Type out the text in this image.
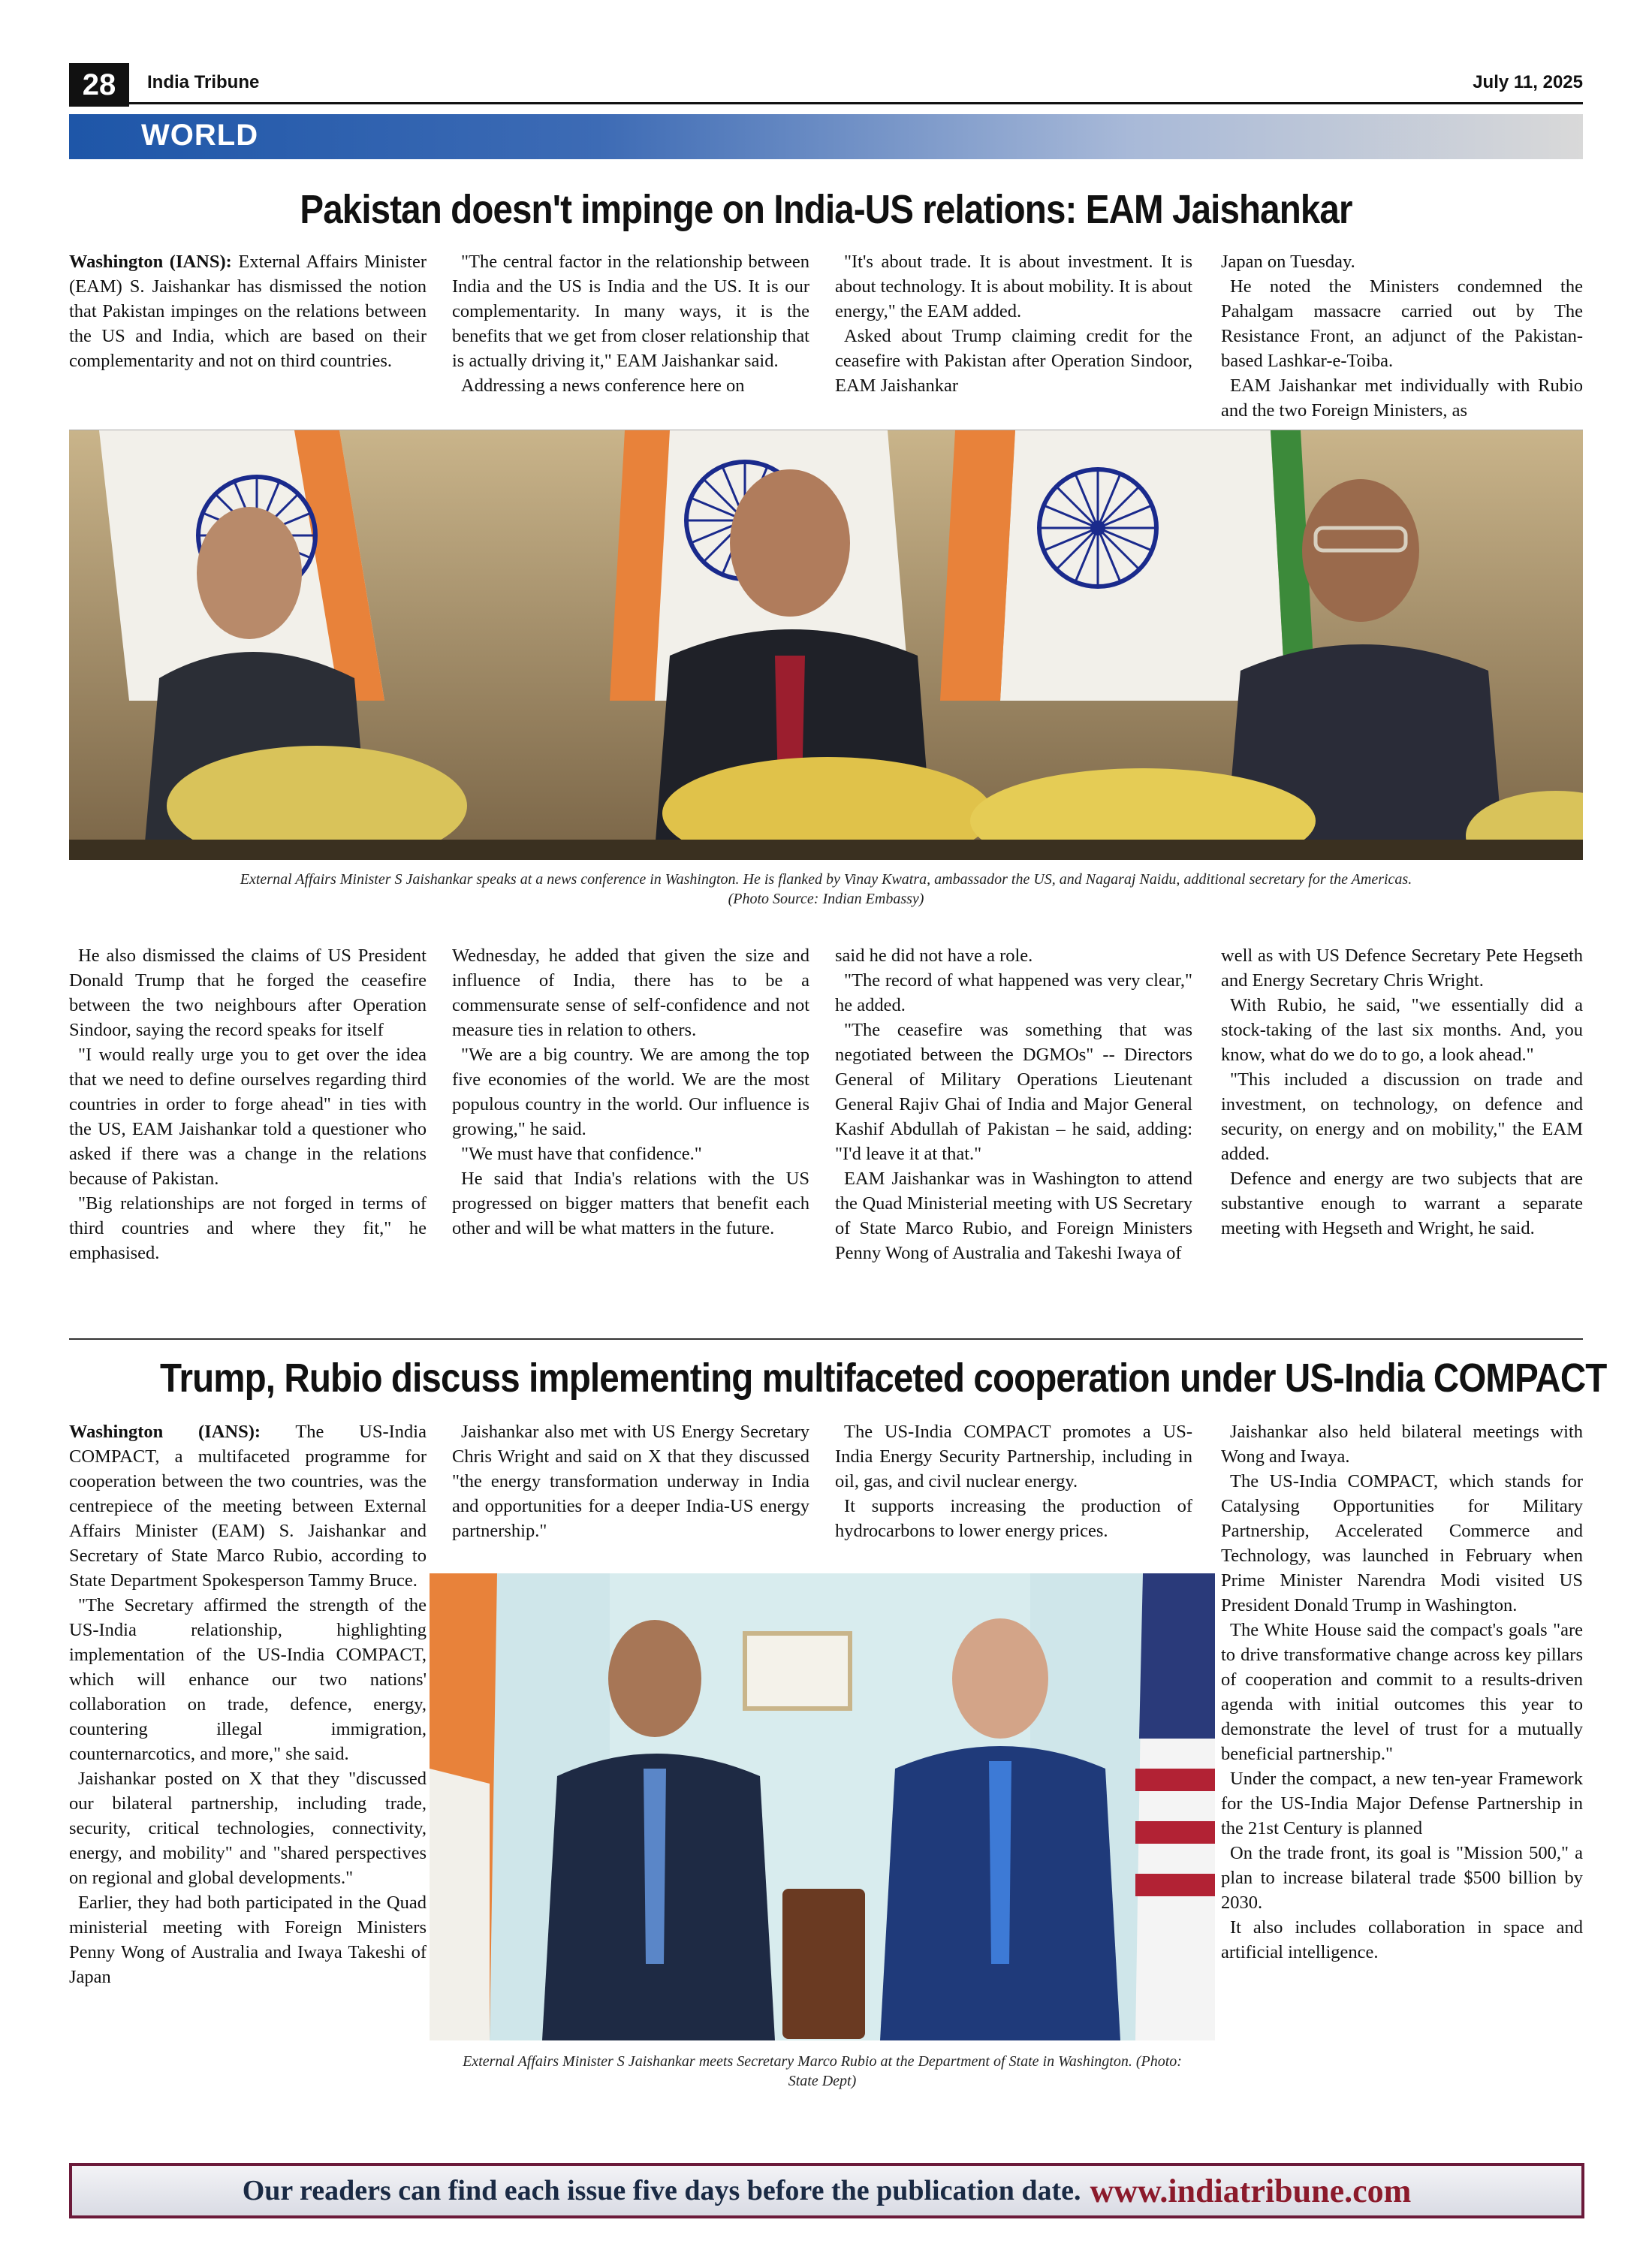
28	India Tribune	July 11, 2025
WORLD
Pakistan doesn't impinge on India-US relations: EAM Jaishankar

Washington (IANS): External Affairs Minister (EAM) S. Jaishankar has dismissed the notion that Pakistan impinges on the relations between the US and India, which are based on their complementarity and not on third countries.

"The central factor in the relationship between India and the US is India and the US. It is our complementarity. In many ways, it is the benefits that we get from closer relationship that is actually driving it," EAM Jaishankar said.

Addressing a news conference here on

"It's about trade. It is about investment. It is about technology. It is about mobility. It is about energy," the EAM added.

Asked about Trump claiming credit for the ceasefire with Pakistan after Operation Sindoor, EAM Jaishankar

Japan on Tuesday.

He noted the Ministers condemned the Pahalgam massacre carried out by The Resistance Front, an adjunct of the Pakistan-based Lashkar-e-Toiba.

EAM Jaishankar met individually with Rubio and the two Foreign Ministers, as

External Affairs Minister S Jaishankar speaks at a news conference in Washington. He is flanked by Vinay Kwatra, ambassador the US, and Nagaraj Naidu, additional secretary for the Americas. (Photo Source: Indian Embassy)

He also dismissed the claims of US President Donald Trump that he forged the ceasefire between the two neighbours after Operation Sindoor, saying the record speaks for itself

"I would really urge you to get over the idea that we need to define ourselves regarding third countries in order to forge ahead" in ties with the US, EAM Jaishankar told a questioner who asked if there was a change in the relations because of Pakistan.

"Big relationships are not forged in terms of third countries and where they fit," he emphasised.

Wednesday, he added that given the size and influence of India, there has to be a commensurate sense of self-confidence and not measure ties in relation to others.

"We are a big country. We are among the top five economies of the world. We are the most populous country in the world. Our influence is growing," he said.

"We must have that confidence."

He said that India's relations with the US progressed on bigger matters that benefit each other and will be what matters in the future.

said he did not have a role.

"The record of what happened was very clear," he added.

"The ceasefire was something that was negotiated between the DGMOs" -- Directors General of Military Operations Lieutenant General Rajiv Ghai of India and Major General Kashif Abdullah of Pakistan – he said, adding: "I'd leave it at that."

EAM Jaishankar was in Washington to attend the Quad Ministerial meeting with US Secretary of State Marco Rubio, and Foreign Ministers Penny Wong of Australia and Takeshi Iwaya of

well as with US Defence Secretary Pete Hegseth and Energy Secretary Chris Wright.

With Rubio, he said, "we essentially did a stock-taking of the last six months. And, you know, what do we do to go, a look ahead."

"This included a discussion on trade and investment, on technology, on defence and security, on energy and on mobility," the EAM added.

Defence and energy are two subjects that are substantive enough to warrant a separate meeting with Hegseth and Wright, he said.

Trump, Rubio discuss implementing multifaceted cooperation under US-India COMPACT

Washington (IANS): The US-India COMPACT, a multifaceted programme for cooperation between the two countries, was the centrepiece of the meeting between External Affairs Minister (EAM) S. Jaishankar and Secretary of State Marco Rubio, according to State Department Spokesperson Tammy Bruce.

"The Secretary affirmed the strength of the US-India relationship, highlighting implementation of the US-India COMPACT, which will enhance our two nations' collaboration on trade, defence, energy, countering illegal immigration, counternarcotics, and more," she said.

Jaishankar posted on X that they "discussed our bilateral partnership, including trade, security, critical technologies, connectivity, energy, and mobility" and "shared perspectives on regional and global developments."

Earlier, they had both participated in the Quad ministerial meeting with Foreign Ministers Penny Wong of Australia and Iwaya Takeshi of Japan

Jaishankar also met with US Energy Secretary Chris Wright and said on X that they discussed "the energy transformation underway in India and opportunities for a deeper India-US energy partnership."

The US-India COMPACT promotes a US-India Energy Security Partnership, including in oil, gas, and civil nuclear energy.

It supports increasing the production of hydrocarbons to lower energy prices.

Jaishankar also held bilateral meetings with Wong and Iwaya.

The US-India COMPACT, which stands for Catalysing Opportunities for Military Partnership, Accelerated Commerce and Technology, was launched in February when Prime Minister Narendra Modi visited US President Donald Trump in Washington.

The White House said the compact's goals "are to drive transformative change across key pillars of cooperation and commit to a results-driven agenda with initial outcomes this year to demonstrate the level of trust for a mutually beneficial partnership."

Under the compact, a new ten-year Framework for the US-India Major Defense Partnership in the 21st Century is planned

On the trade front, its goal is "Mission 500," a plan to increase bilateral trade $500 billion by 2030.

It also includes collaboration in space and artificial intelligence.

External Affairs Minister S Jaishankar meets Secretary Marco Rubio at the Department of State in Washington. (Photo: State Dept)
Our readers can find each issue five days before the publication date. www.indiatribune.com
